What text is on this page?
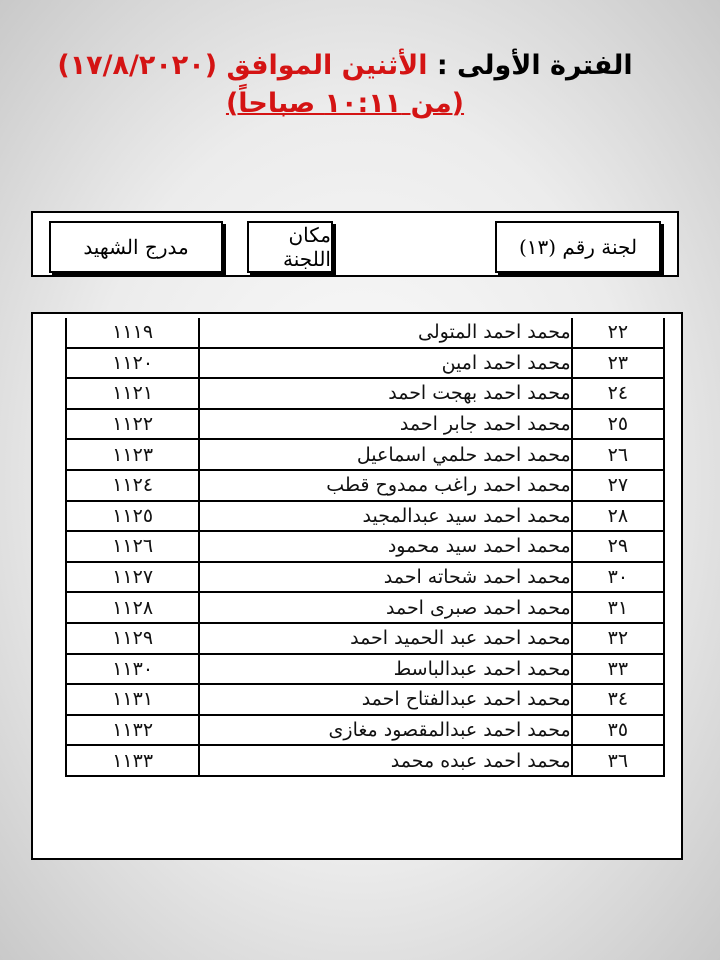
الفترة الأولى : الأثنين الموافق (١٧/٨/٢٠٢٠)
(من ١٠:١١ صباحاً)
مدرج الشهيد	مكان اللجنة	لجنة رقم (١٣)
٢٢	محمد احمد المتولى	١١١٩
٢٣	محمد احمد امين	١١٢٠
٢٤	محمد احمد بهجت احمد	١١٢١
٢٥	محمد احمد جابر احمد	١١٢٢
٢٦	محمد احمد حلمي اسماعيل	١١٢٣
٢٧	محمد احمد راغب ممدوح قطب	١١٢٤
٢٨	محمد احمد سيد عبدالمجيد	١١٢٥
٢٩	محمد احمد سيد محمود	١١٢٦
٣٠	محمد احمد شحاته احمد	١١٢٧
٣١	محمد احمد صبرى احمد	١١٢٨
٣٢	محمد احمد عبد الحميد احمد	١١٢٩
٣٣	محمد احمد عبدالباسط	١١٣٠
٣٤	محمد احمد عبدالفتاح احمد	١١٣١
٣٥	محمد احمد عبدالمقصود مغازى	١١٣٢
٣٦	محمد احمد عبده محمد	١١٣٣
